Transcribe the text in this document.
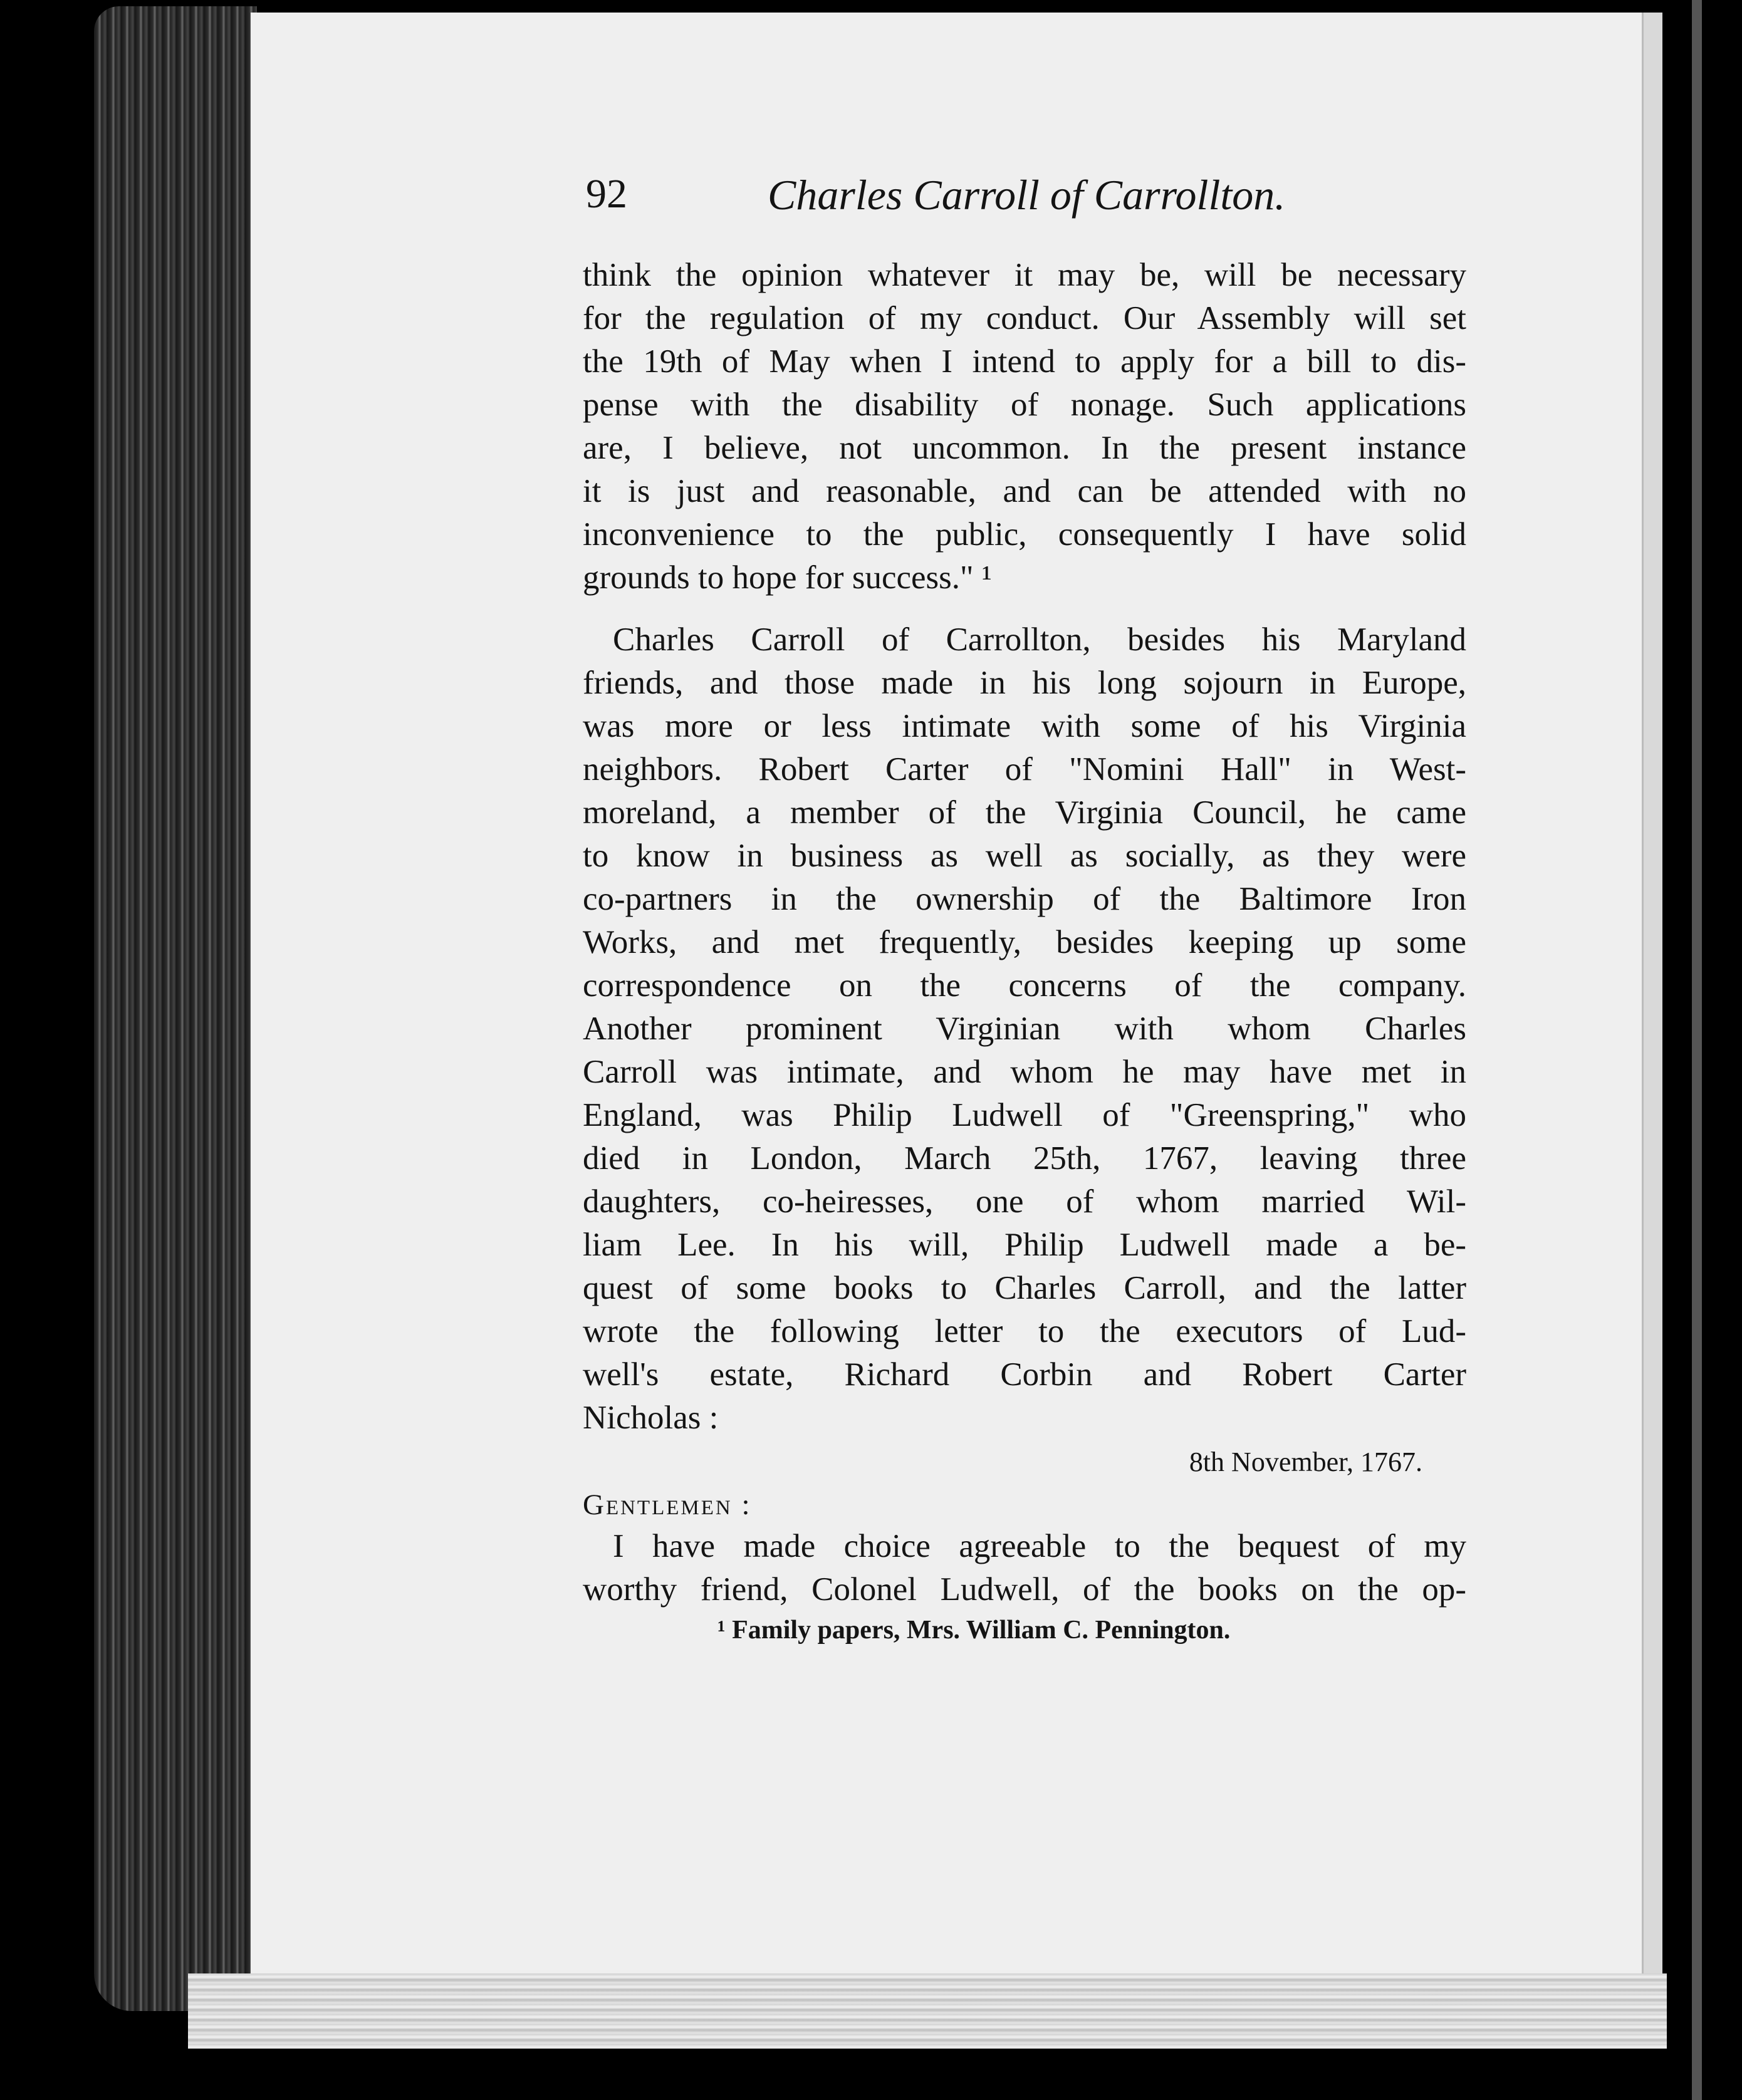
92	Charles Carroll of Carrollton.
think the opinion whatever it may be, will be necessary
for the regulation of my conduct. Our Assembly will set
the 19th of May when I intend to apply for a bill to dis-
pense with the disability of nonage. Such applications
are, I believe, not uncommon. In the present instance
it is just and reasonable, and can be attended with no
inconvenience to the public, consequently I have solid
grounds to hope for success." ¹
Charles Carroll of Carrollton, besides his Maryland
friends, and those made in his long sojourn in Europe,
was more or less intimate with some of his Virginia
neighbors. Robert Carter of "Nomini Hall" in West-
moreland, a member of the Virginia Council, he came
to know in business as well as socially, as they were
co-partners in the ownership of the Baltimore Iron
Works, and met frequently, besides keeping up some
correspondence on the concerns of the company.
Another prominent Virginian with whom Charles
Carroll was intimate, and whom he may have met in
England, was Philip Ludwell of "Greenspring," who
died in London, March 25th, 1767, leaving three
daughters, co-heiresses, one of whom married Wil-
liam Lee. In his will, Philip Ludwell made a be-
quest of some books to Charles Carroll, and the latter
wrote the following letter to the executors of Lud-
well's estate, Richard Corbin and Robert Carter
Nicholas :
8th November, 1767.
Gentlemen :
I have made choice agreeable to the bequest of my
worthy friend, Colonel Ludwell, of the books on the op-
¹ Family papers, Mrs. William C. Pennington.
